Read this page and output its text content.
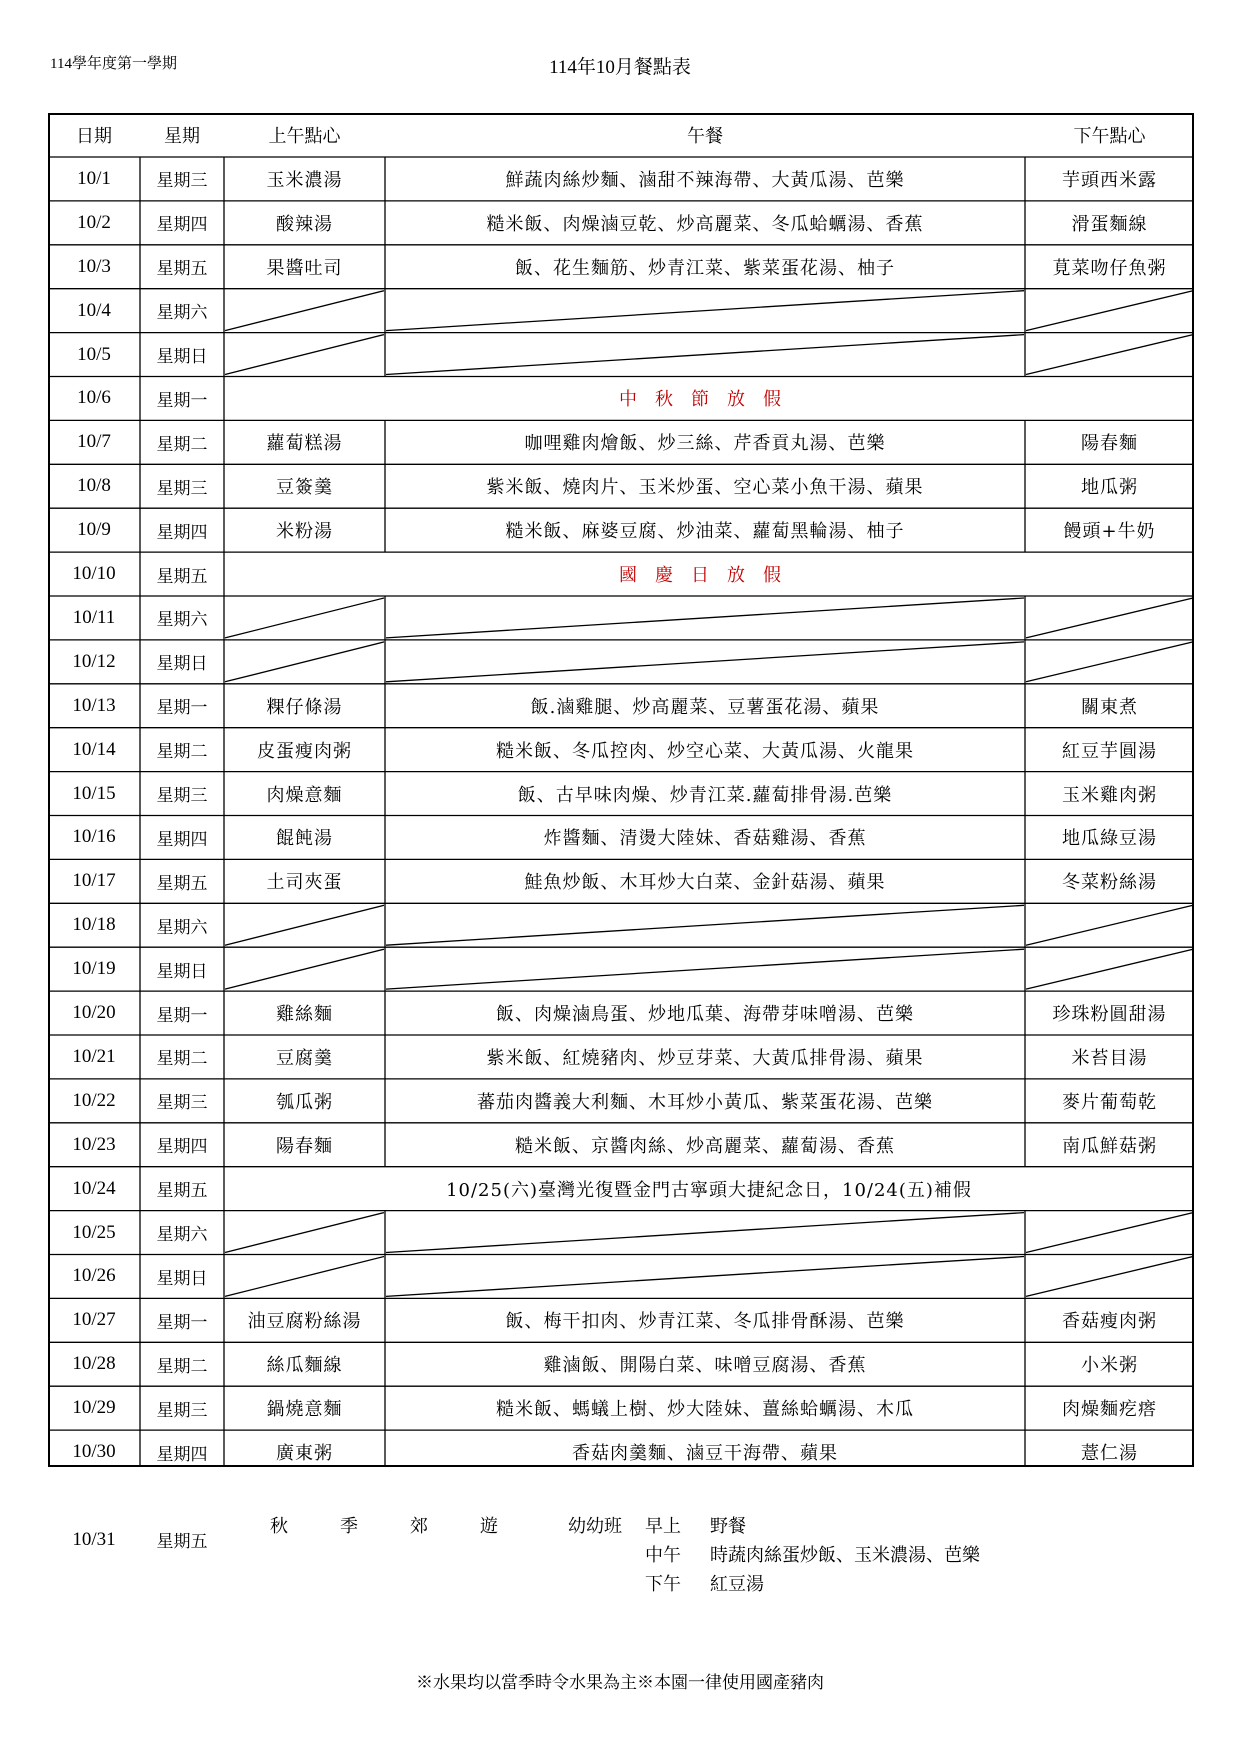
114學年度第一學期	114年10月餐點表
日期	星期	上午點心	午餐	下午點心
10/1	星期三	玉米濃湯	鮮蔬肉絲炒麵、滷甜不辣海帶、大黃瓜湯、芭樂	芋頭西米露
10/2	星期四	酸辣湯	糙米飯、肉燥滷豆乾、炒高麗菜、冬瓜蛤蠣湯、香蕉	滑蛋麵線
10/3	星期五	果醬吐司	飯、花生麵筋、炒青江菜、紫菜蛋花湯、柚子	莧菜吻仔魚粥
10/4	星期六
10/5	星期日
10/6	星期一	中秋節放假
10/7	星期二	蘿蔔糕湯	咖哩雞肉燴飯、炒三絲、芹香貢丸湯、芭樂	陽春麵
10/8	星期三	豆簽羹	紫米飯、燒肉片、玉米炒蛋、空心菜小魚干湯、蘋果	地瓜粥
10/9	星期四	米粉湯	糙米飯、麻婆豆腐、炒油菜、蘿蔔黑輪湯、柚子	饅頭+牛奶
10/10	星期五	國慶日放假
10/11	星期六
10/12	星期日
10/13	星期一	粿仔條湯	飯.滷雞腿、炒高麗菜、豆薯蛋花湯、蘋果	關東煮
10/14	星期二	皮蛋瘦肉粥	糙米飯、冬瓜控肉、炒空心菜、大黃瓜湯、火龍果	紅豆芋圓湯
10/15	星期三	肉燥意麵	飯、古早味肉燥、炒青江菜.蘿蔔排骨湯.芭樂	玉米雞肉粥
10/16	星期四	餛飩湯	炸醬麵、清燙大陸妹、香菇雞湯、香蕉	地瓜綠豆湯
10/17	星期五	土司夾蛋	鮭魚炒飯、木耳炒大白菜、金針菇湯、蘋果	冬菜粉絲湯
10/18	星期六
10/19	星期日
10/20	星期一	雞絲麵	飯、肉燥滷鳥蛋、炒地瓜葉、海帶芽味噌湯、芭樂	珍珠粉圓甜湯
10/21	星期二	豆腐羹	紫米飯、紅燒豬肉、炒豆芽菜、大黃瓜排骨湯、蘋果	米苔目湯
10/22	星期三	瓠瓜粥	蕃茄肉醬義大利麵、木耳炒小黃瓜、紫菜蛋花湯、芭樂	麥片葡萄乾
10/23	星期四	陽春麵	糙米飯、京醬肉絲、炒高麗菜、蘿蔔湯、香蕉	南瓜鮮菇粥
10/24	星期五	10/25(六)臺灣光復暨金門古寧頭大捷紀念日，10/24(五)補假
10/25	星期六
10/26	星期日
10/27	星期一	油豆腐粉絲湯	飯、梅干扣肉、炒青江菜、冬瓜排骨酥湯、芭樂	香菇瘦肉粥
10/28	星期二	絲瓜麵線	雞滷飯、開陽白菜、味噌豆腐湯、香蕉	小米粥
10/29	星期三	鍋燒意麵	糙米飯、螞蟻上樹、炒大陸妹、薑絲蛤蠣湯、木瓜	肉燥麵疙瘩
10/30	星期四	廣東粥	香菇肉羹麵、滷豆干海帶、蘋果	薏仁湯
10/31	星期五
秋	季	郊	遊	幼幼班 早上 野餐
中午 時蔬肉絲蛋炒飯、玉米濃湯、芭樂
下午 紅豆湯
※水果均以當季時令水果為主※本園一律使用國產豬肉
